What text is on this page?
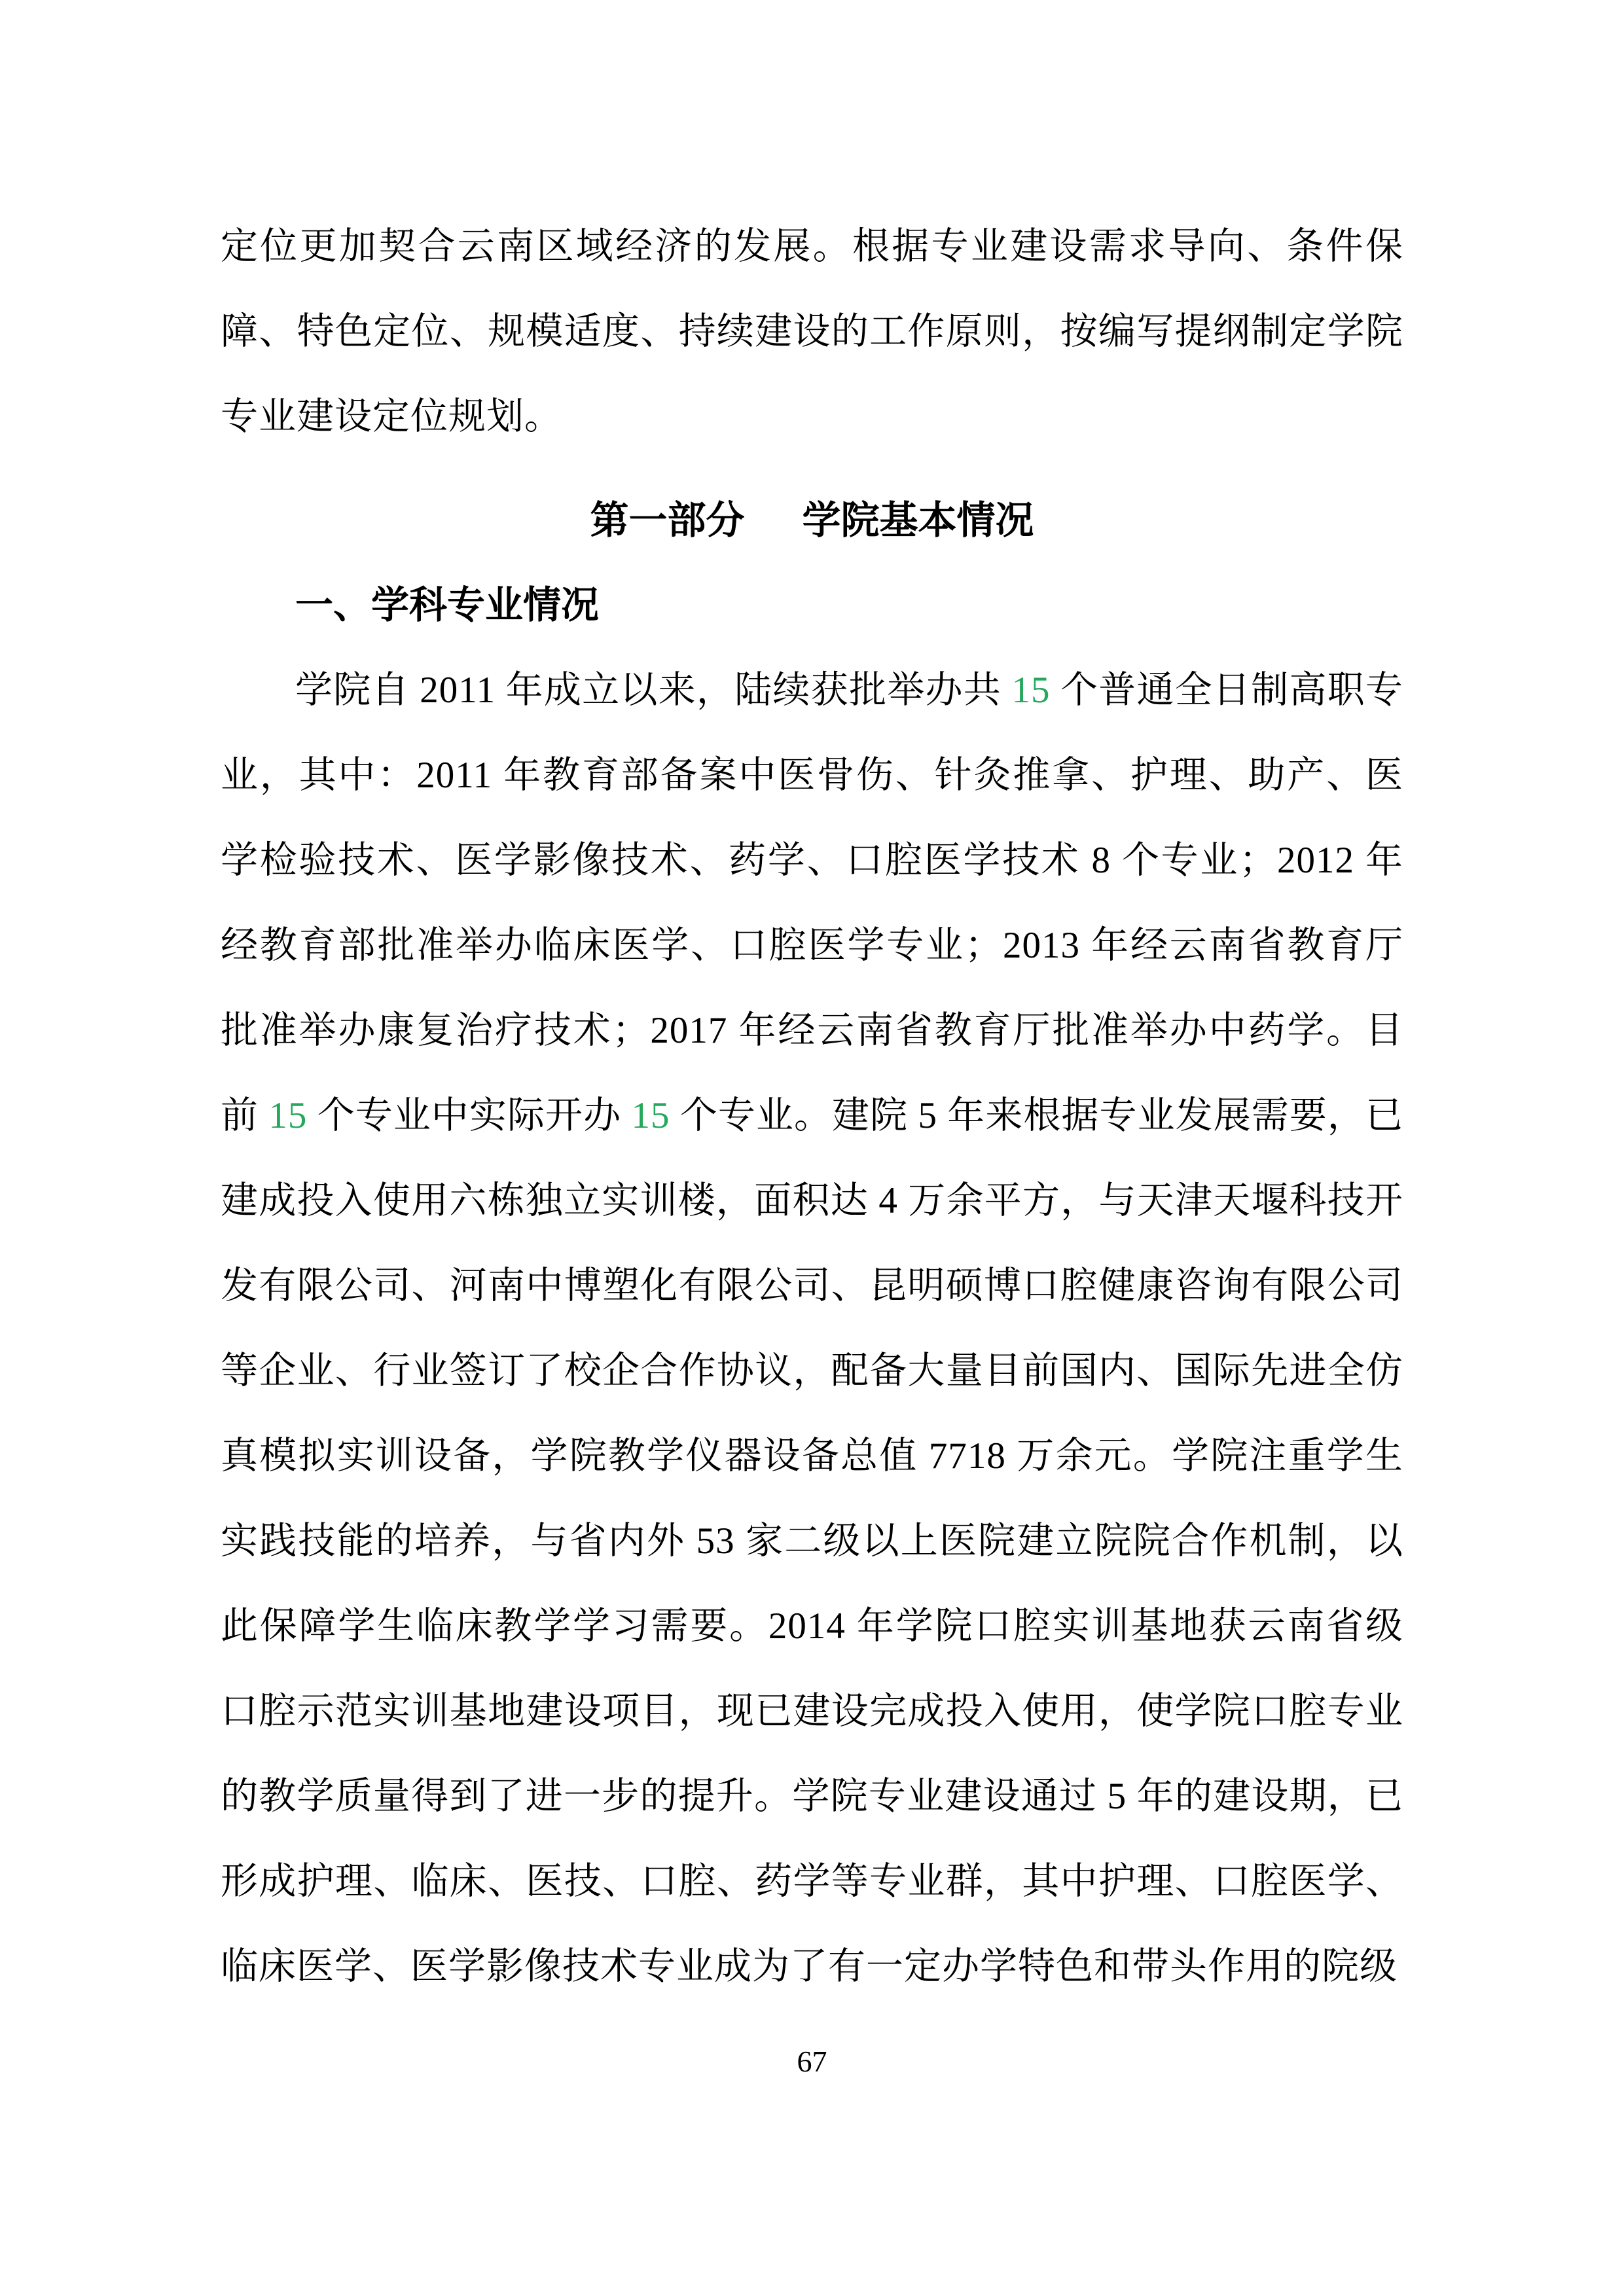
定位更加契合云南区域经济的发展。根据专业建设需求导向、条件保障、特色定位、规模适度、持续建设的工作原则，按编写提纲制定学院专业建设定位规划。

第一部分 学院基本情况
一、学科专业情况

学院自 2011 年成立以来，陆续获批举办共 15 个普通全日制高职专业，其中：2011 年教育部备案中医骨伤、针灸推拿、护理、助产、医学检验技术、医学影像技术、药学、口腔医学技术 8 个专业；2012 年经教育部批准举办临床医学、口腔医学专业；2013 年经云南省教育厅批准举办康复治疗技术；2017 年经云南省教育厅批准举办中药学。目前 15 个专业中实际开办 15 个专业。建院 5 年来根据专业发展需要，已建成投入使用六栋独立实训楼，面积达 4 万余平方，与天津天堰科技开发有限公司、河南中博塑化有限公司、昆明硕博口腔健康咨询有限公司等企业、行业签订了校企合作协议，配备大量目前国内、国际先进全仿真模拟实训设备，学院教学仪器设备总值 7718 万余元。学院注重学生实践技能的培养，与省内外 53 家二级以上医院建立院院合作机制，以此保障学生临床教学学习需要。2014 年学院口腔实训基地获云南省级口腔示范实训基地建设项目，现已建设完成投入使用，使学院口腔专业的教学质量得到了进一步的提升。学院专业建设通过 5 年的建设期，已形成护理、临床、医技、口腔、药学等专业群，其中护理、口腔医学、临床医学、医学影像技术专业成为了有一定办学特色和带头作用的院级

67
